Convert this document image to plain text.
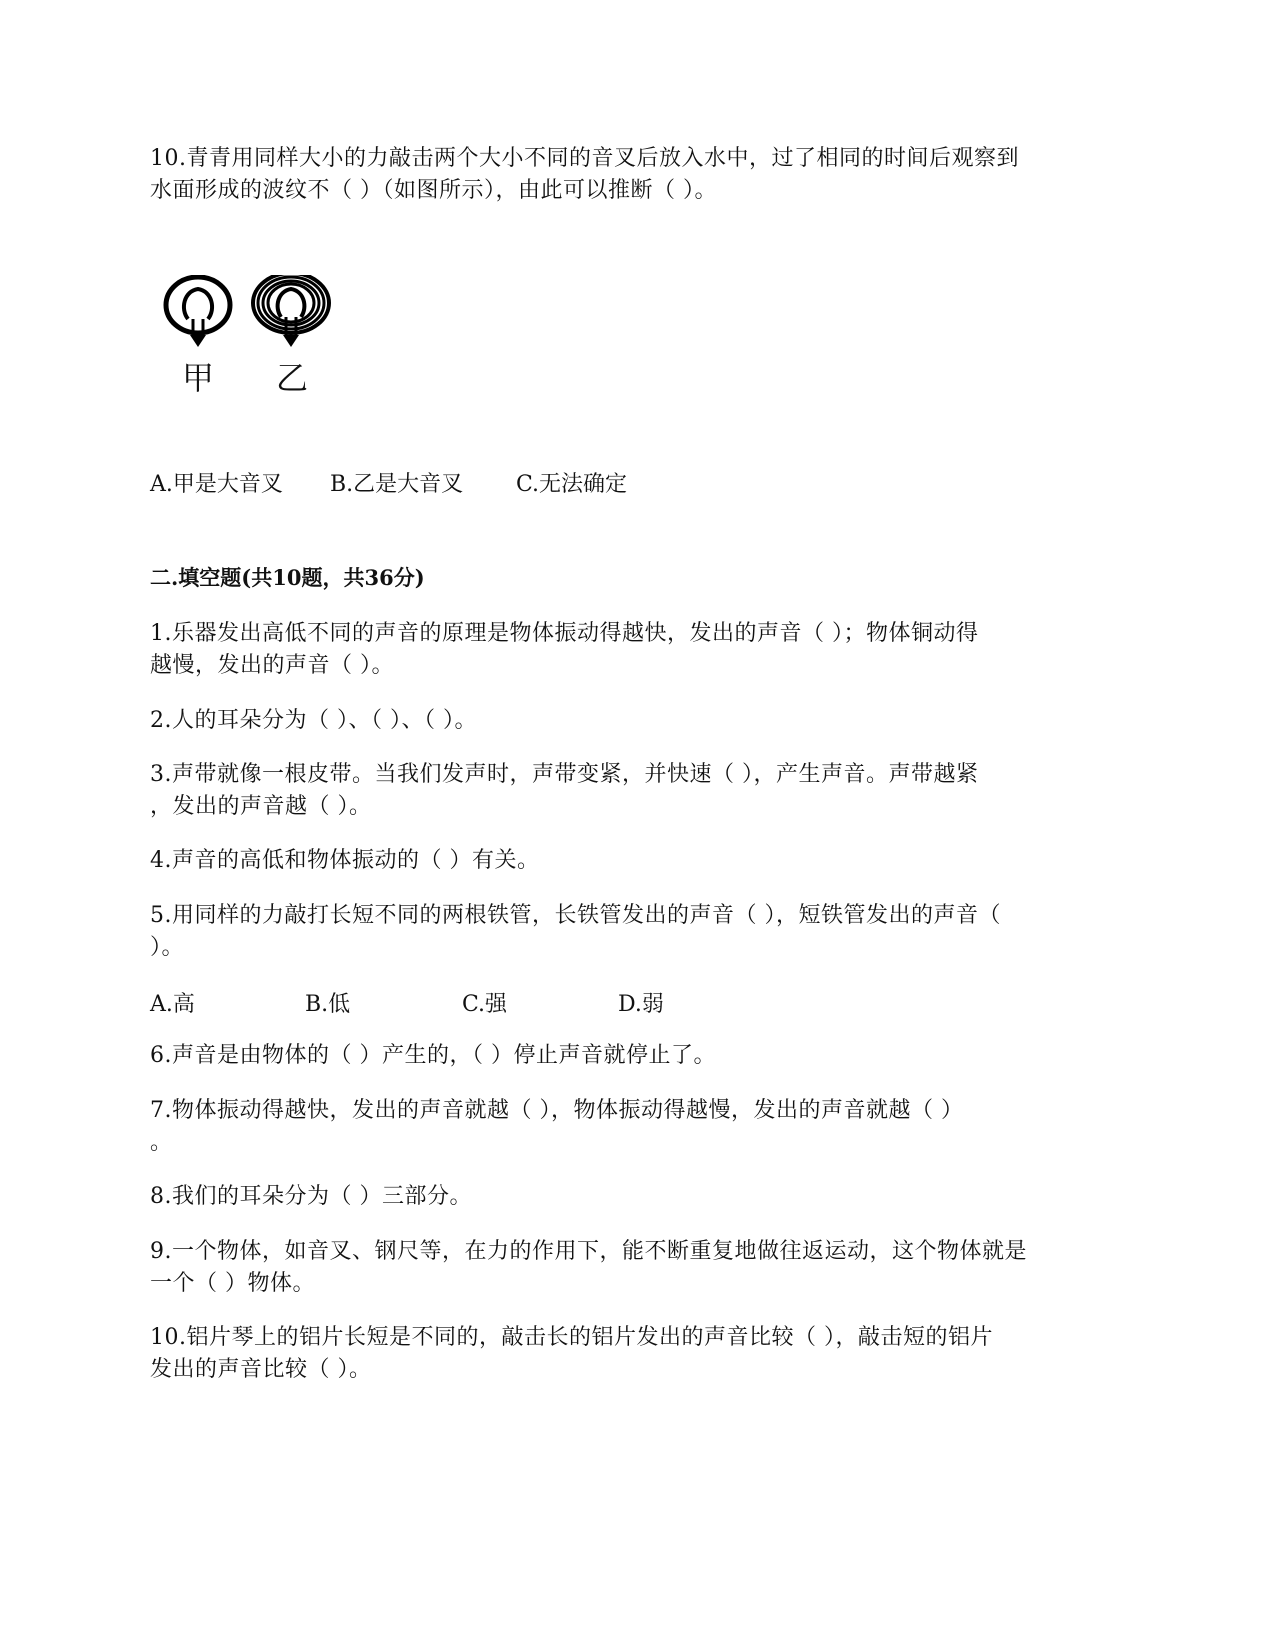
10.青青用同样大小的力敲击两个大小不同的音叉后放入水中，过了相同的时间后观察到
水面形成的波纹不（ ）（如图所示），由此可以推断（ ）。
甲 乙
A.甲是大音叉 B.乙是大音叉 C.无法确定
二.填空题(共10题，共36分)
1.乐器发出高低不同的声音的原理是物体振动得越快，发出的声音（ ）；物体铜动得
越慢，发出的声音（ ）。
2.人的耳朵分为（ ）、（ ）、（ ）。
3.声带就像一根皮带。当我们发声时，声带变紧，并快速（ ），产生声音。声带越紧
，发出的声音越（ ）。
4.声音的高低和物体振动的（ ）有关。
5.用同样的力敲打长短不同的两根铁管，长铁管发出的声音（ ），短铁管发出的声音（
）。
A.高	B.低	C.强	D.弱
6.声音是由物体的（ ）产生的，（ ）停止声音就停止了。
7.物体振动得越快，发出的声音就越（ ），物体振动得越慢，发出的声音就越（ ）
。
8.我们的耳朵分为（ ）三部分。
9.一个物体，如音叉、钢尺等，在力的作用下，能不断重复地做往返运动，这个物体就是
一个（ ）物体。
10.铝片琴上的铝片长短是不同的，敲击长的铝片发出的声音比较（ ），敲击短的铝片
发出的声音比较（ ）。
